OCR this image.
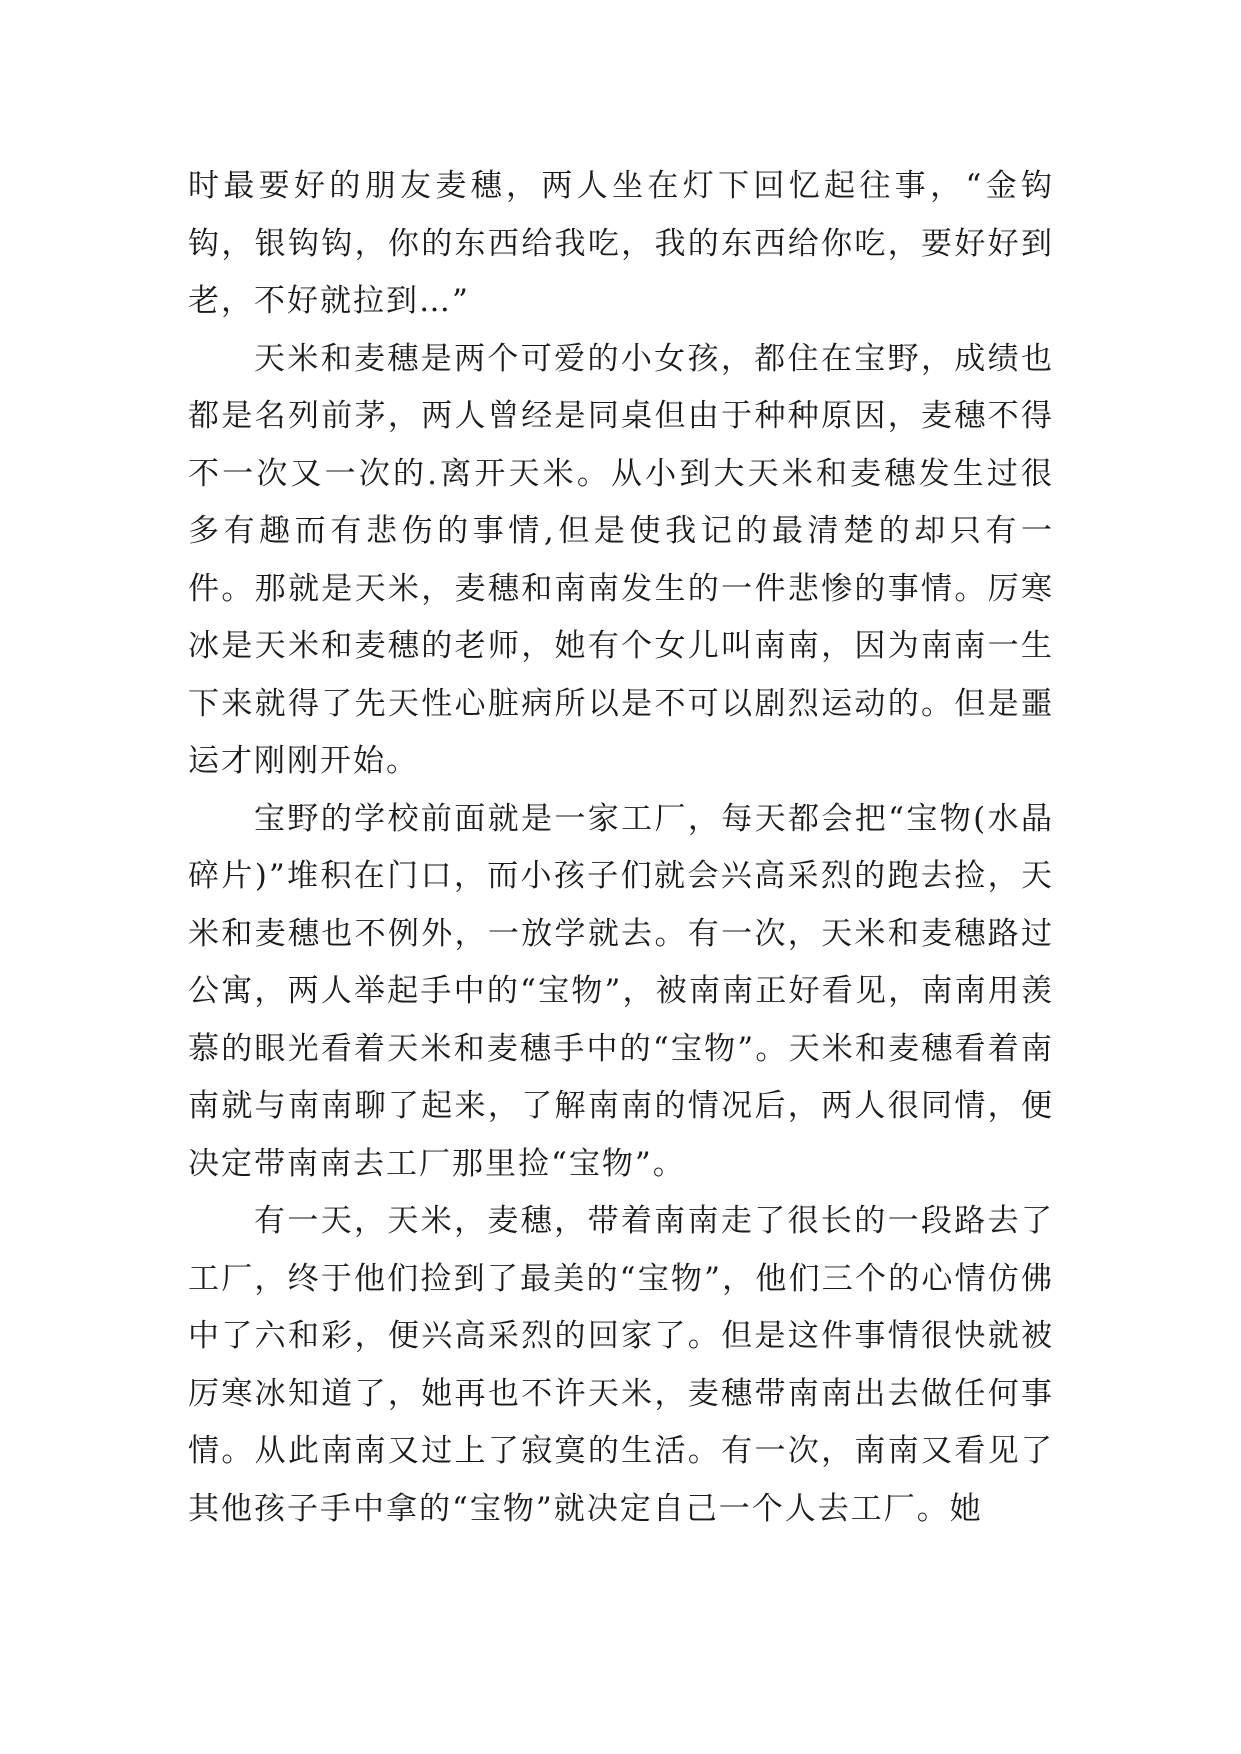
时最要好的朋友麦穗，两人坐在灯下回忆起往事，“金钩钩，银钩钩，你的东西给我吃，我的东西给你吃，要好好到老，不好就拉到…”

天米和麦穗是两个可爱的小女孩，都住在宝野，成绩也都是名列前茅，两人曾经是同桌但由于种种原因，麦穗不得不一次又一次的.离开天米。从小到大天米和麦穗发生过很多有趣而有悲伤的事情,但是使我记的最清楚的却只有一件。那就是天米，麦穗和南南发生的一件悲惨的事情。厉寒冰是天米和麦穗的老师，她有个女儿叫南南，因为南南一生下来就得了先天性心脏病所以是不可以剧烈运动的。但是噩运才刚刚开始。

宝野的学校前面就是一家工厂，每天都会把“宝物(水晶碎片)”堆积在门口，而小孩子们就会兴高采烈的跑去捡，天米和麦穗也不例外，一放学就去。有一次，天米和麦穗路过公寓，两人举起手中的“宝物”，被南南正好看见，南南用羡慕的眼光看着天米和麦穗手中的“宝物”。天米和麦穗看着南南就与南南聊了起来，了解南南的情况后，两人很同情，便决定带南南去工厂那里捡“宝物”。

有一天，天米，麦穗，带着南南走了很长的一段路去了工厂，终于他们捡到了最美的“宝物”，他们三个的心情仿佛中了六和彩，便兴高采烈的回家了。但是这件事情很快就被厉寒冰知道了，她再也不许天米，麦穗带南南出去做任何事情。从此南南又过上了寂寞的生活。有一次，南南又看见了其他孩子手中拿的“宝物”就决定自己一个人去工厂。她
